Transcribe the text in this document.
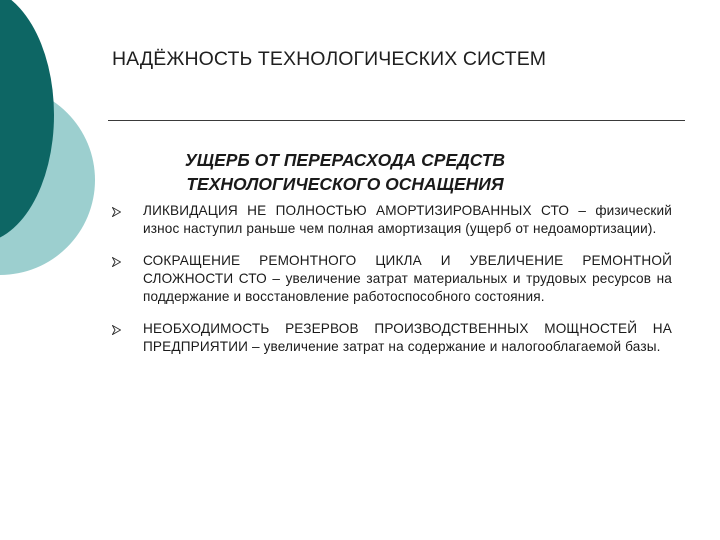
НАДЁЖНОСТЬ ТЕХНОЛОГИЧЕСКИХ СИСТЕМ
УЩЕРБ ОТ ПЕРЕРАСХОДА СРЕДСТВ
ТЕХНОЛОГИЧЕСКОГО ОСНАЩЕНИЯ
ЛИКВИДАЦИЯ НЕ ПОЛНОСТЬЮ АМОРТИЗИРОВАННЫХ СТО – физический износ наступил раньше чем полная амортизация (ущерб от недоамортизации).
СОКРАЩЕНИЕ РЕМОНТНОГО ЦИКЛА И УВЕЛИЧЕНИЕ РЕМОНТНОЙ СЛОЖНОСТИ СТО – увеличение затрат материальных и трудовых ресурсов на поддержание и восстановление работоспособного состояния.
НЕОБХОДИМОСТЬ РЕЗЕРВОВ ПРОИЗВОДСТВЕННЫХ МОЩНОСТЕЙ НА ПРЕДПРИЯТИИ – увеличение затрат на содержание и налогооблагаемой базы.
